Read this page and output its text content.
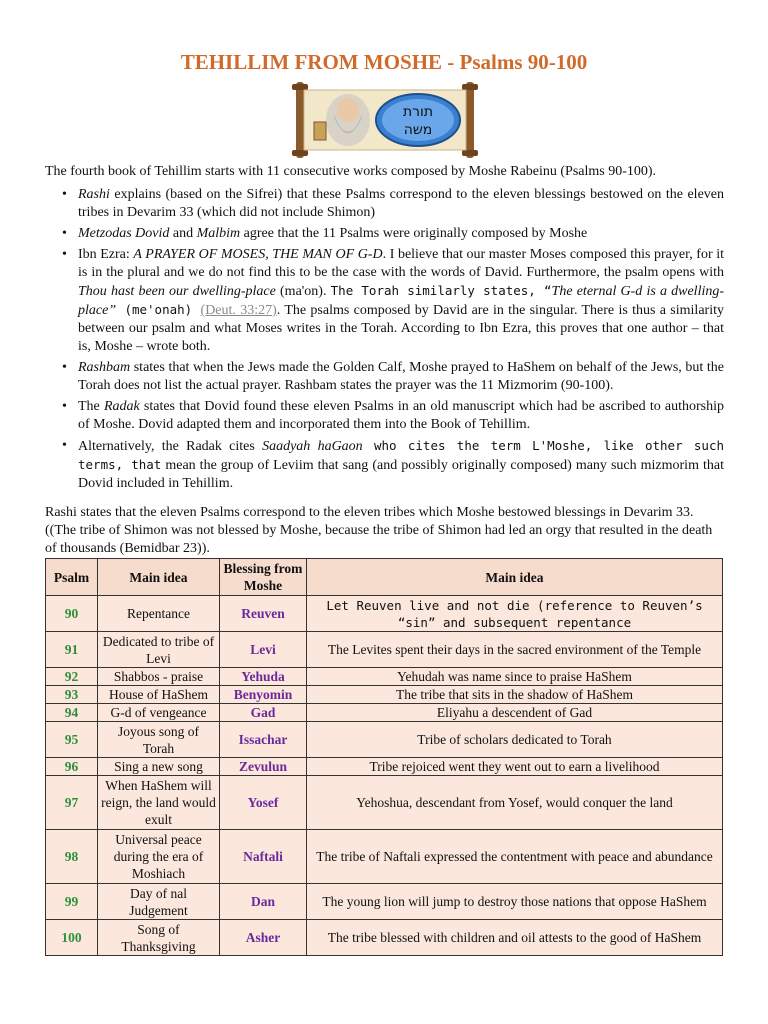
TEHILLIM FROM MOSHE - Psalms 90-100
תורת
משה

The fourth book of Tehillim starts with 11 consecutive works composed by Moshe Rabeinu (Psalms 90-100).

• Rashi explains (based on the Sifrei) that these Psalms correspond to the eleven blessings bestowed on the eleven tribes in Devarim 33 (which did not include Shimon)
• Metzodas Dovid and Malbim agree that the 11 Psalms were originally composed by Moshe
• Ibn Ezra: A PRAYER OF MOSES, THE MAN OF G-D. I believe that our master Moses composed this prayer, for it is in the plural and we do not find this to be the case with the words of David. Furthermore, the psalm opens with Thou hast been our dwelling-place (ma'on). The Torah similarly states, “The eternal G-d is a dwelling-place” (me'onah) (Deut. 33:27). The psalms composed by David are in the singular. There is thus a similarity between our psalm and what Moses writes in the Torah. According to Ibn Ezra, this proves that one author – that is, Moshe – wrote both.
• Rashbam states that when the Jews made the Golden Calf, Moshe prayed to HaShem on behalf of the Jews, but the Torah does not list the actual prayer. Rashbam states the prayer was the 11 Mizmorim (90-100).
• The Radak states that Dovid found these eleven Psalms in an old manuscript which had be ascribed to authorship of Moshe. Dovid adapted them and incorporated them into the Book of Tehillim.
• Alternatively, the Radak cites Saadyah haGaon who cites the term L'Moshe, like other such terms, that mean the group of Leviim that sang (and possibly originally composed) many such mizmorim that Dovid included in Tehillim.

Rashi states that the eleven Psalms correspond to the eleven tribes which Moshe bestowed blessings in Devarim 33. ((The tribe of Shimon was not blessed by Moshe, because the tribe of Shimon had led an orgy that resulted in the death of thousands (Bemidbar 23)).

Psalm	Main idea	Blessing from Moshe	Main idea
90	Repentance	Reuven	Let Reuven live and not die (reference to Reuven’s “sin” and subsequent repentance
91	Dedicated to tribe of Levi	Levi	The Levites spent their days in the sacred environment of the Temple
92	Shabbos - praise	Yehuda	Yehudah was name since to praise HaShem
93	House of HaShem	Benyomin	The tribe that sits in the shadow of HaShem
94	G-d of vengeance	Gad	Eliyahu a descendent of Gad
95	Joyous song of Torah	Issachar	Tribe of scholars dedicated to Torah
96	Sing a new song	Zevulun	Tribe rejoiced went they went out to earn a livelihood
97	When HaShem will reign, the land would exult	Yosef	Yehoshua, descendant from Yosef, would conquer the land
98	Universal peace during the era of Moshiach	Naftali	The tribe of Naftali expressed the contentment with peace and abundance
99	Day of nal Judgement	Dan	The young lion will jump to destroy those nations that oppose HaShem
100	Song of Thanksgiving	Asher	The tribe blessed with children and oil attests to the good of HaShem
